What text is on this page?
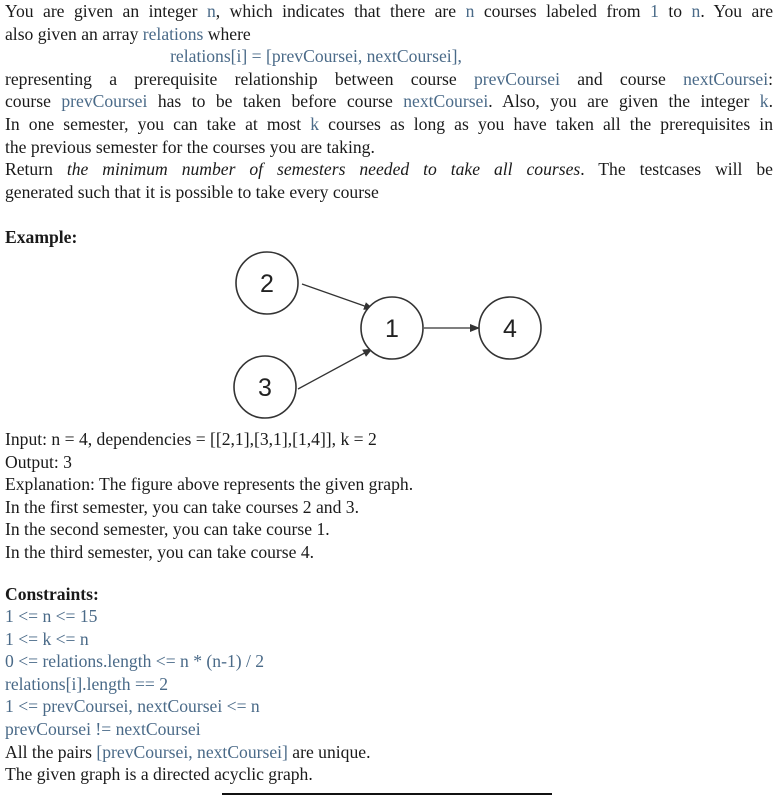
You are given an integer n, which indicates that there are n courses labeled from 1 to n. You are

also given an array relations where

relations[i] = [prevCoursei, nextCoursei],

representing a prerequisite relationship between course prevCoursei and course nextCoursei:

course prevCoursei has to be taken before course nextCoursei. Also, you are given the integer k.

In one semester, you can take at most k courses as long as you have taken all the prerequisites in

the previous semester for the courses you are taking.

Return the minimum number of semesters needed to take all courses. The testcases will be

generated such that it is possible to take every course

Example:

Input: n = 4, dependencies = [[2,1],[3,1],[1,4]], k = 2

Output: 3

Explanation: The figure above represents the given graph.

In the first semester, you can take courses 2 and 3.

In the second semester, you can take course 1.

In the third semester, you can take course 4.

Constraints:

1 <= n <= 15

1 <= k <= n

0 <= relations.length <= n * (n-1) / 2

relations[i].length == 2

1 <= prevCoursei, nextCoursei <= n

prevCoursei != nextCoursei

All the pairs [prevCoursei, nextCoursei] are unique.

The given graph is a directed acyclic graph.

2
1
3
4
